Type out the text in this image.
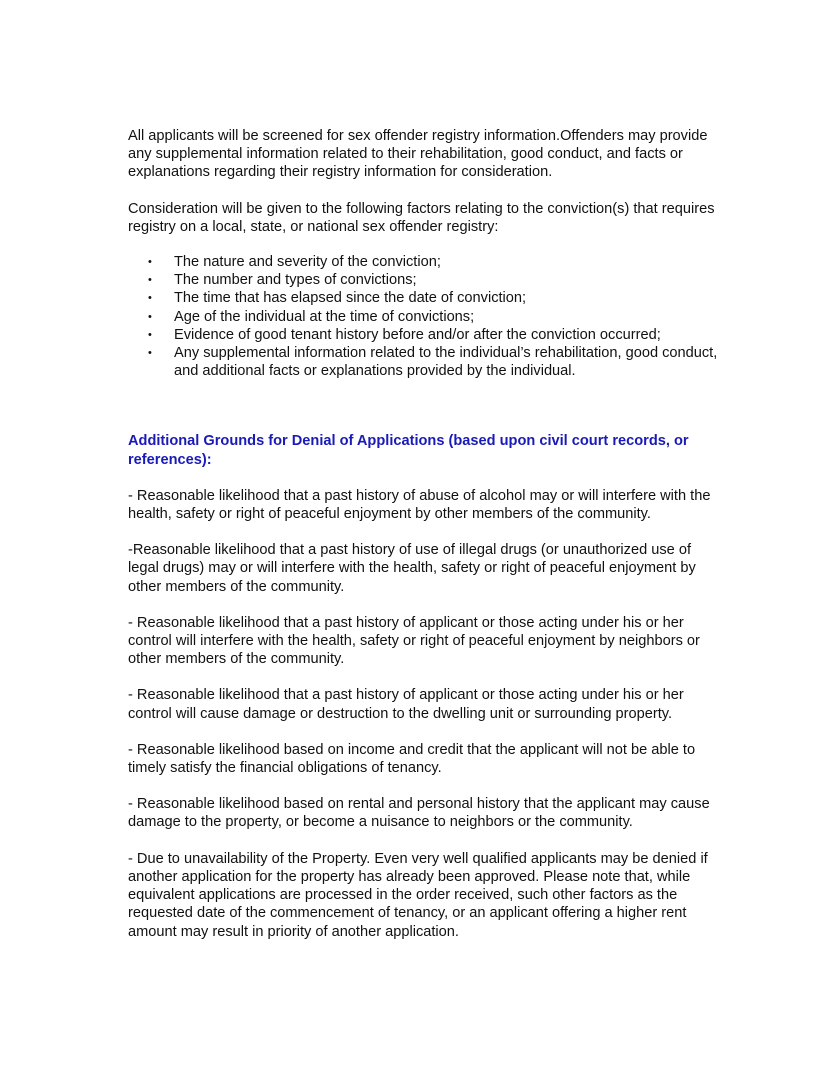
All applicants will be screened for sex offender registry information.Offenders may provide any supplemental information related to their rehabilitation, good conduct, and facts or explanations regarding their registry information for consideration.

Consideration will be given to the following factors relating to the conviction(s) that requires registry on a local, state, or national sex offender registry:

• The nature and severity of the conviction;
• The number and types of convictions;
• The time that has elapsed since the date of conviction;
• Age of the individual at the time of convictions;
• Evidence of good tenant history before and/or after the conviction occurred;
• Any supplemental information related to the individual’s rehabilitation, good conduct, and additional facts or explanations provided by the individual.

Additional Grounds for Denial of Applications (based upon civil court records, or references):

- Reasonable likelihood that a past history of abuse of alcohol may or will interfere with the health, safety or right of peaceful enjoyment by other members of the community.

-Reasonable likelihood that a past history of use of illegal drugs (or unauthorized use of legal drugs) may or will interfere with the health, safety or right of peaceful enjoyment by other members of the community.

- Reasonable likelihood that a past history of applicant or those acting under his or her control will interfere with the health, safety or right of peaceful enjoyment by neighbors or other members of the community.

- Reasonable likelihood that a past history of applicant or those acting under his or her control will cause damage or destruction to the dwelling unit or surrounding property.

- Reasonable likelihood based on income and credit that the applicant will not be able to timely satisfy the financial obligations of tenancy.

- Reasonable likelihood based on rental and personal history that the applicant may cause damage to the property, or become a nuisance to neighbors or the community.

- Due to unavailability of the Property. Even very well qualified applicants may be denied if another application for the property has already been approved. Please note that, while equivalent applications are processed in the order received, such other factors as the requested date of the commencement of tenancy, or an applicant offering a higher rent amount may result in priority of another application.
